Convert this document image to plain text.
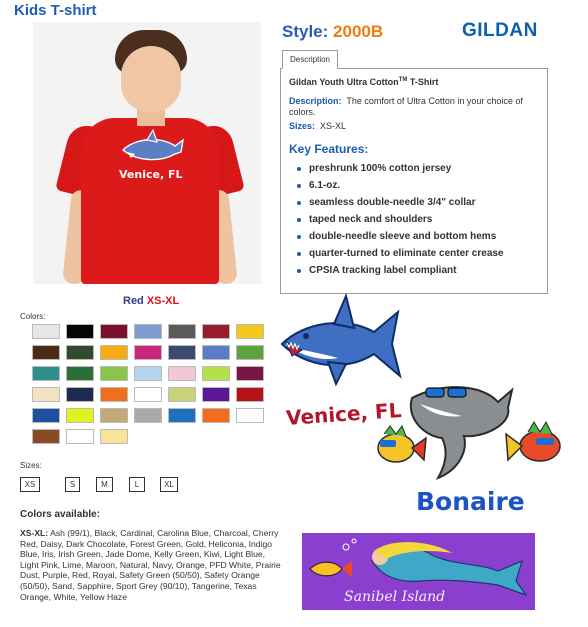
Kids T-shirt
Venice, FL
Red XS-XL
Style: 2000B	GILDAN
Description
Gildan Youth Ultra Cotton™ T-Shirt
Description: The comfort of Ultra Cotton in your choice of colors.
Sizes: XS-XL
Key Features:
preshrunk 100% cotton jersey
6.1-oz.
seamless double-needle 3/4" collar
taped neck and shoulders
double-needle sleeve and bottom hems
quarter-turned to eliminate center crease
CPSIA tracking label compliant
Colors:
Sizes:
XS	S	M	L	XL
Colors available:
XS-XL: Ash (99/1), Black, Cardinal, Carolina Blue, Charcoal, Cherry Red, Daisy, Dark Chocolate, Forest Green, Gold, Heliconia, Indigo Blue, Iris, Irish Green, Jade Dome, Kelly Green, Kiwi, Light Blue, Light Pink, Lime, Maroon, Natural, Navy, Orange, PFD White, Prairie Dust, Purple, Red, Royal, Safety Green (50/50), Safety Orange (50/50), Sand, Sapphire, Sport Grey (90/10), Tangerine, Texas Orange, White, Yellow Haze
Venice, FL
Bonaire
Sanibel Island
